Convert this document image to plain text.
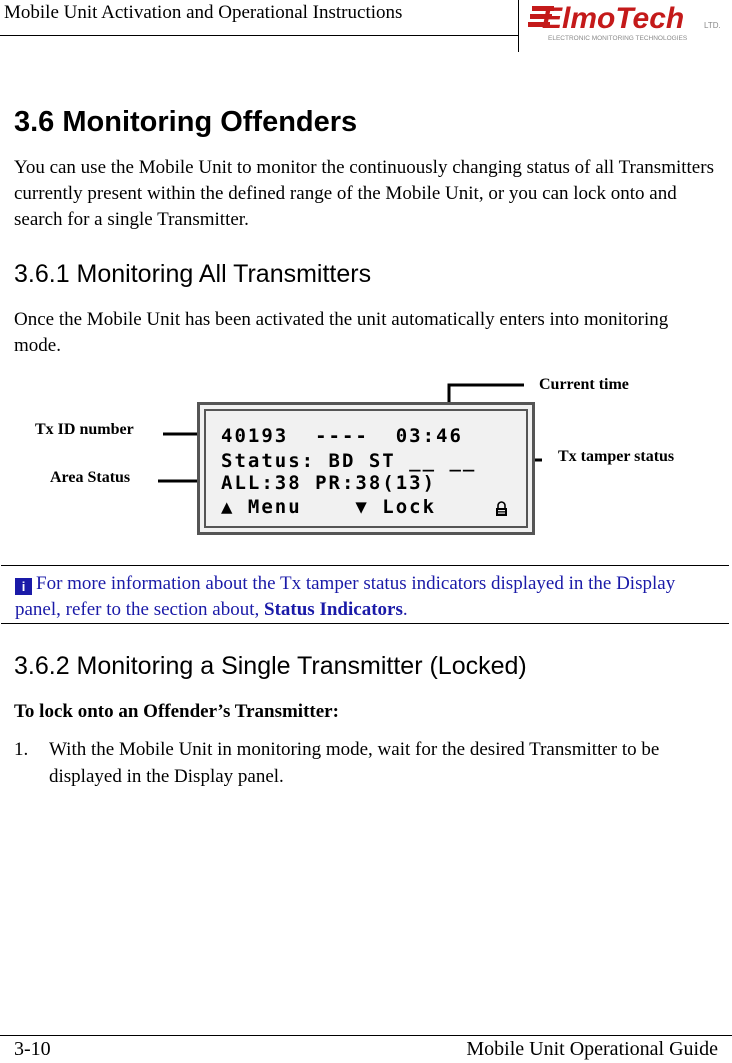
Mobile Unit Activation and Operational Instructions	ElmoTech LTD.
ELECTRONIC MONITORING TECHNOLOGIES
3.6 Monitoring Offenders

You can use the Mobile Unit to monitor the continuously changing status of all Transmitters currently present within the defined range of the Mobile Unit, or you can lock onto and search for a single Transmitter.

3.6.1 Monitoring All Transmitters

Once the Mobile Unit has been activated the unit automatically enters into monitoring mode.

Current time
Tx ID number
Area Status
Tx tamper status
40193  ----  03:46
Status: BD ST __ __
ALL:38 PR:38(13)
▲ Menu    ▼ Lock
i For more information about the Tx tamper status indicators displayed in the Display panel, refer to the section about, Status Indicators.
3.6.2 Monitoring a Single Transmitter (Locked)
To lock onto an Offender’s Transmitter:
1. With the Mobile Unit in monitoring mode, wait for the desired Transmitter to be displayed in the Display panel.
3-10	Mobile Unit Operational Guide
